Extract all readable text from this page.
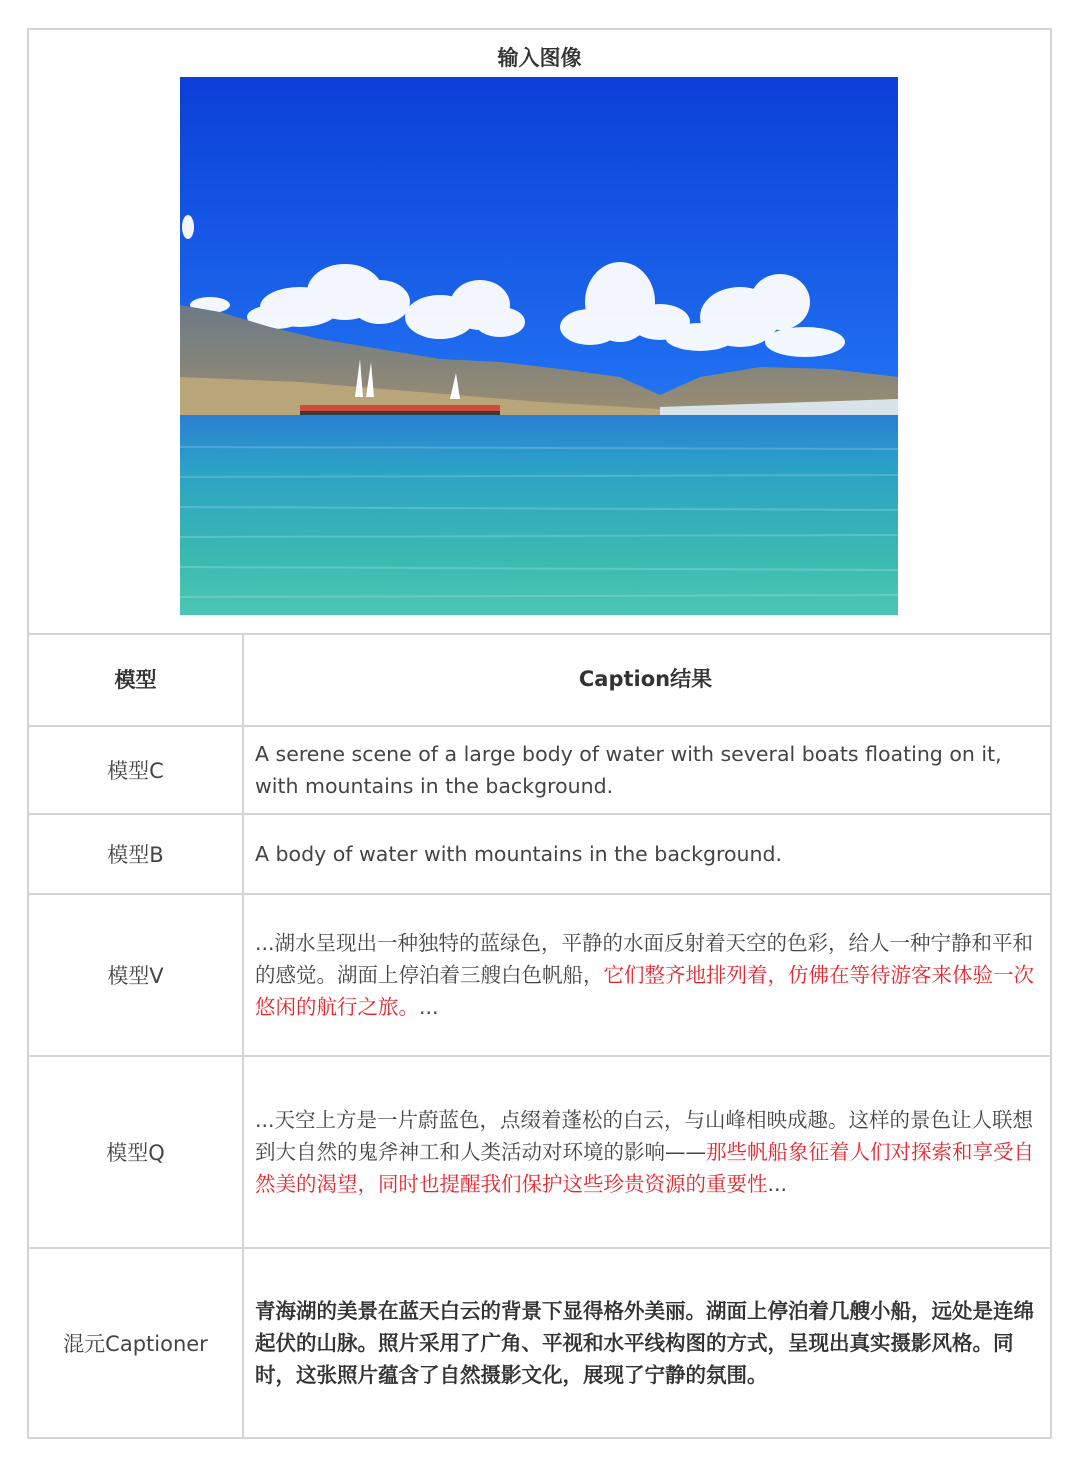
输入图像
模型	Caption结果
模型C
A serene scene of a large body of water with several boats floating on it, with mountains in the background.
模型B	A body of water with mountains in the background.
模型V
...湖水呈现出一种独特的蓝绿色，平静的水面反射着天空的色彩，给人一种宁静和平和的感觉。湖面上停泊着三艘白色帆船，它们整齐地排列着，仿佛在等待游客来体验一次悠闲的航行之旅。...
模型Q
...天空上方是一片蔚蓝色，点缀着蓬松的白云，与山峰相映成趣。这样的景色让人联想到大自然的鬼斧神工和人类活动对环境的影响——那些帆船象征着人们对探索和享受自然美的渴望，同时也提醒我们保护这些珍贵资源的重要性...
混元Captioner
青海湖的美景在蓝天白云的背景下显得格外美丽。湖面上停泊着几艘小船，远处是连绵起伏的山脉。照片采用了广角、平视和水平线构图的方式，呈现出真实摄影风格。同时，这张照片蕴含了自然摄影文化，展现了宁静的氛围。
